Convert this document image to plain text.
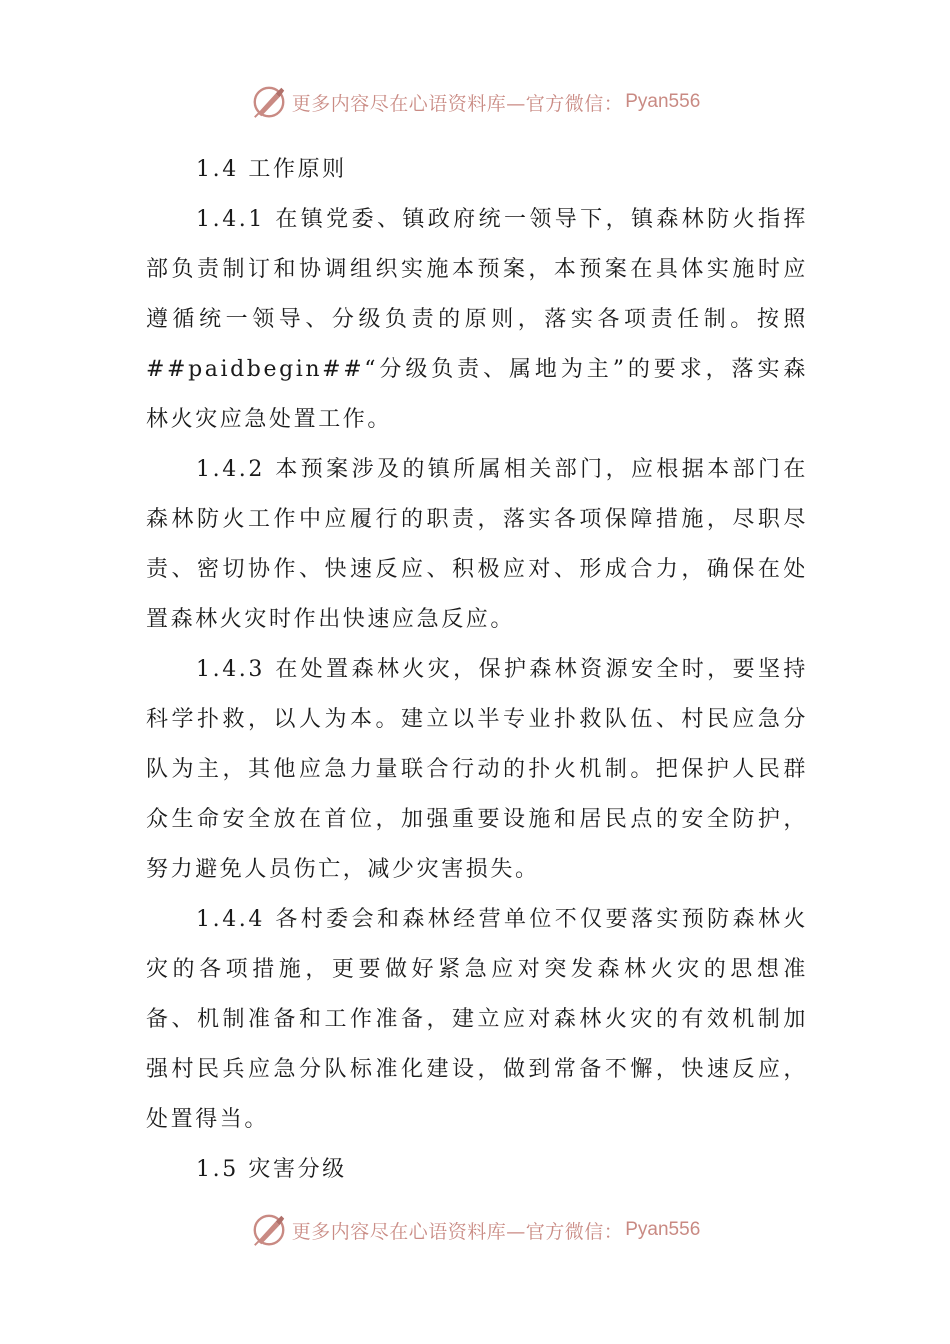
更多内容尽在心语资料库—官方微信： Pyan556

1.4 工作原则

1.4.1 在镇党委、镇政府统一领导下，镇森林防火指挥部负责制订和协调组织实施本预案，本预案在具体实施时应遵循统一领导、分级负责的原则，落实各项责任制。按照##paidbegin##“分级负责、属地为主”的要求，落实森林火灾应急处置工作。

1.4.2 本预案涉及的镇所属相关部门，应根据本部门在森林防火工作中应履行的职责，落实各项保障措施，尽职尽责、密切协作、快速反应、积极应对、形成合力，确保在处置森林火灾时作出快速应急反应。

1.4.3 在处置森林火灾，保护森林资源安全时，要坚持科学扑救，以人为本。建立以半专业扑救队伍、村民应急分队为主，其他应急力量联合行动的扑火机制。把保护人民群众生命安全放在首位，加强重要设施和居民点的安全防护，努力避免人员伤亡，减少灾害损失。

1.4.4 各村委会和森林经营单位不仅要落实预防森林火灾的各项措施，更要做好紧急应对突发森林火灾的思想准备、机制准备和工作准备，建立应对森林火灾的有效机制加强村民兵应急分队标准化建设，做到常备不懈，快速反应，处置得当。

1.5 灾害分级

更多内容尽在心语资料库—官方微信： Pyan556
